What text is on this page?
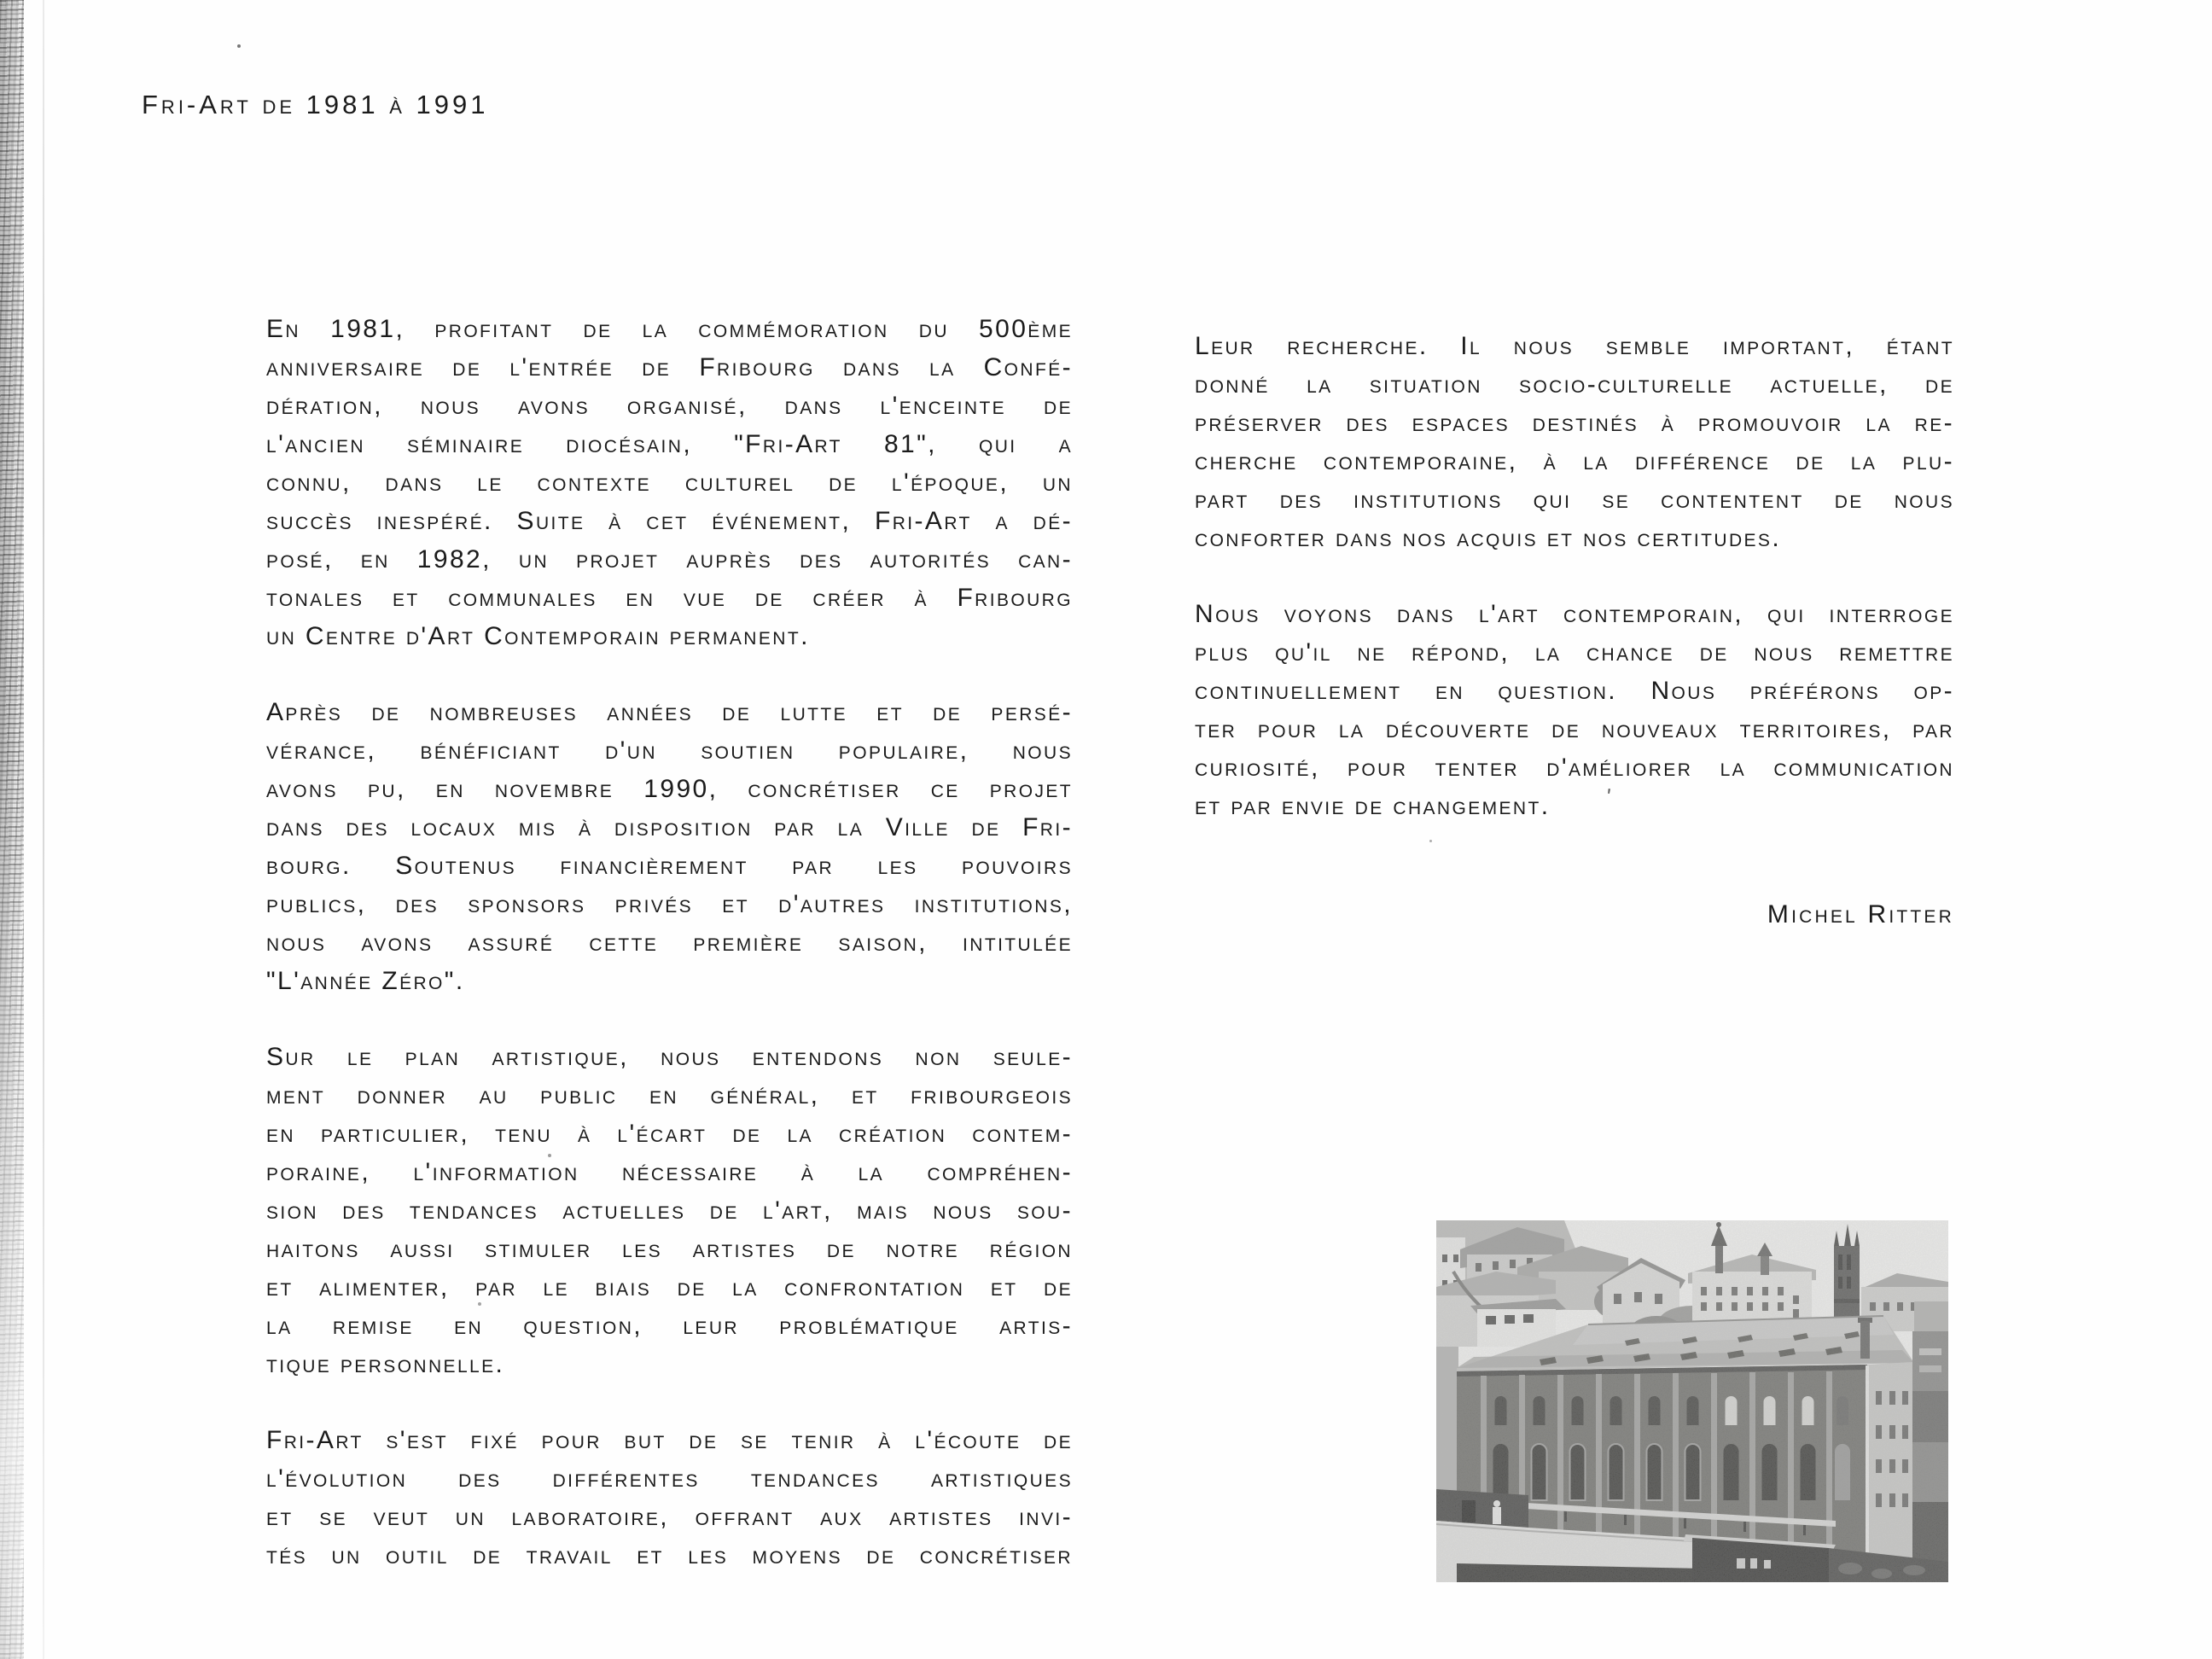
Fri-Art de 1981 à 1991
En 1981, profitant de la commémoration du 500ème
anniversaire de l'entrée de Fribourg dans la Confé-
dération, nous avons organisé, dans l'enceinte de
l'ancien séminaire diocésain, "Fri-Art 81", qui a
connu, dans le contexte culturel de l'époque, un
succès inespéré. Suite à cet événement, Fri-Art a dé-
posé, en 1982, un projet auprès des autorités can-
tonales et communales en vue de créer à Fribourg
un Centre d'Art Contemporain permanent.
Après de nombreuses années de lutte et de persé-
vérance, bénéficiant d'un soutien populaire, nous
avons pu, en novembre 1990, concrétiser ce projet
dans des locaux mis à disposition par la Ville de Fri-
bourg. Soutenus financièrement par les pouvoirs
publics, des sponsors privés et d'autres institutions,
nous avons assuré cette première saison, intitulée
"L'année Zéro".
Sur le plan artistique, nous entendons non seule-
ment donner au public en général, et fribourgeois
en particulier, tenu à l'écart de la création contem-
poraine, l'information nécessaire à la compréhen-
sion des tendances actuelles de l'art, mais nous sou-
haitons aussi stimuler les artistes de notre région
et alimenter, par le biais de la confrontation et de
la remise en question, leur problématique artis-
tique personnelle.
Fri-Art s'est fixé pour but de se tenir à l'écoute de
l'évolution des différentes tendances artistiques
et se veut un laboratoire, offrant aux artistes invi-
tés un outil de travail et les moyens de concrétiser
Leur recherche. Il nous semble important, étant
donné la situation socio-culturelle actuelle, de
préserver des espaces destinés à promouvoir la re-
cherche contemporaine, à la différence de la plu-
part des institutions qui se contentent de nous
conforter dans nos acquis et nos certitudes.
Nous voyons dans l'art contemporain, qui interroge
plus qu'il ne répond, la chance de nous remettre
continuellement en question. Nous préférons op-
ter pour la découverte de nouveaux territoires, par
curiosité, pour tenter d'améliorer la communication
et par envie de changement.
Michel Ritter
'
